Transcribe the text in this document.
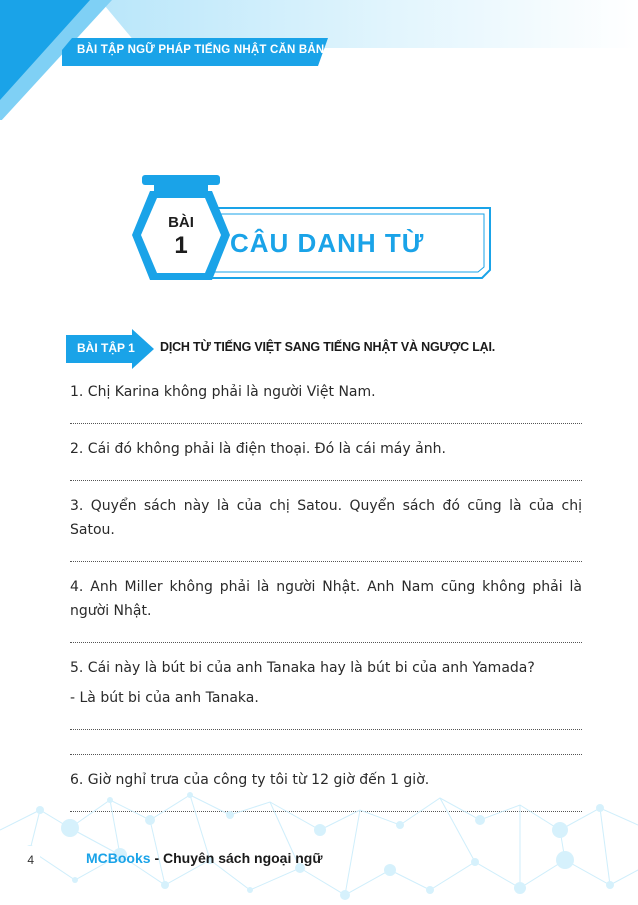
BÀI TẬP NGỮ PHÁP TIẾNG NHẬT CĂN BẢN
BÀI
1	CÂU DANH TỪ
BÀI TẬP 1 DỊCH TỪ TIẾNG VIỆT SANG TIẾNG NHẬT VÀ NGƯỢC LẠI.
1. Chị Karina không phải là người Việt Nam.
2. Cái đó không phải là điện thoại. Đó là cái máy ảnh.
3. Quyển sách này là của chị Satou. Quyển sách đó cũng là của chị Satou.
4. Anh Miller không phải là người Nhật. Anh Nam cũng không phải là người Nhật.
5. Cái này là bút bi của anh Tanaka hay là bút bi của anh Yamada?
- Là bút bi của anh Tanaka.
6. Giờ nghỉ trưa của công ty tôi từ 12 giờ đến 1 giờ.
4	MCBooks - Chuyên sách ngoại ngữ
